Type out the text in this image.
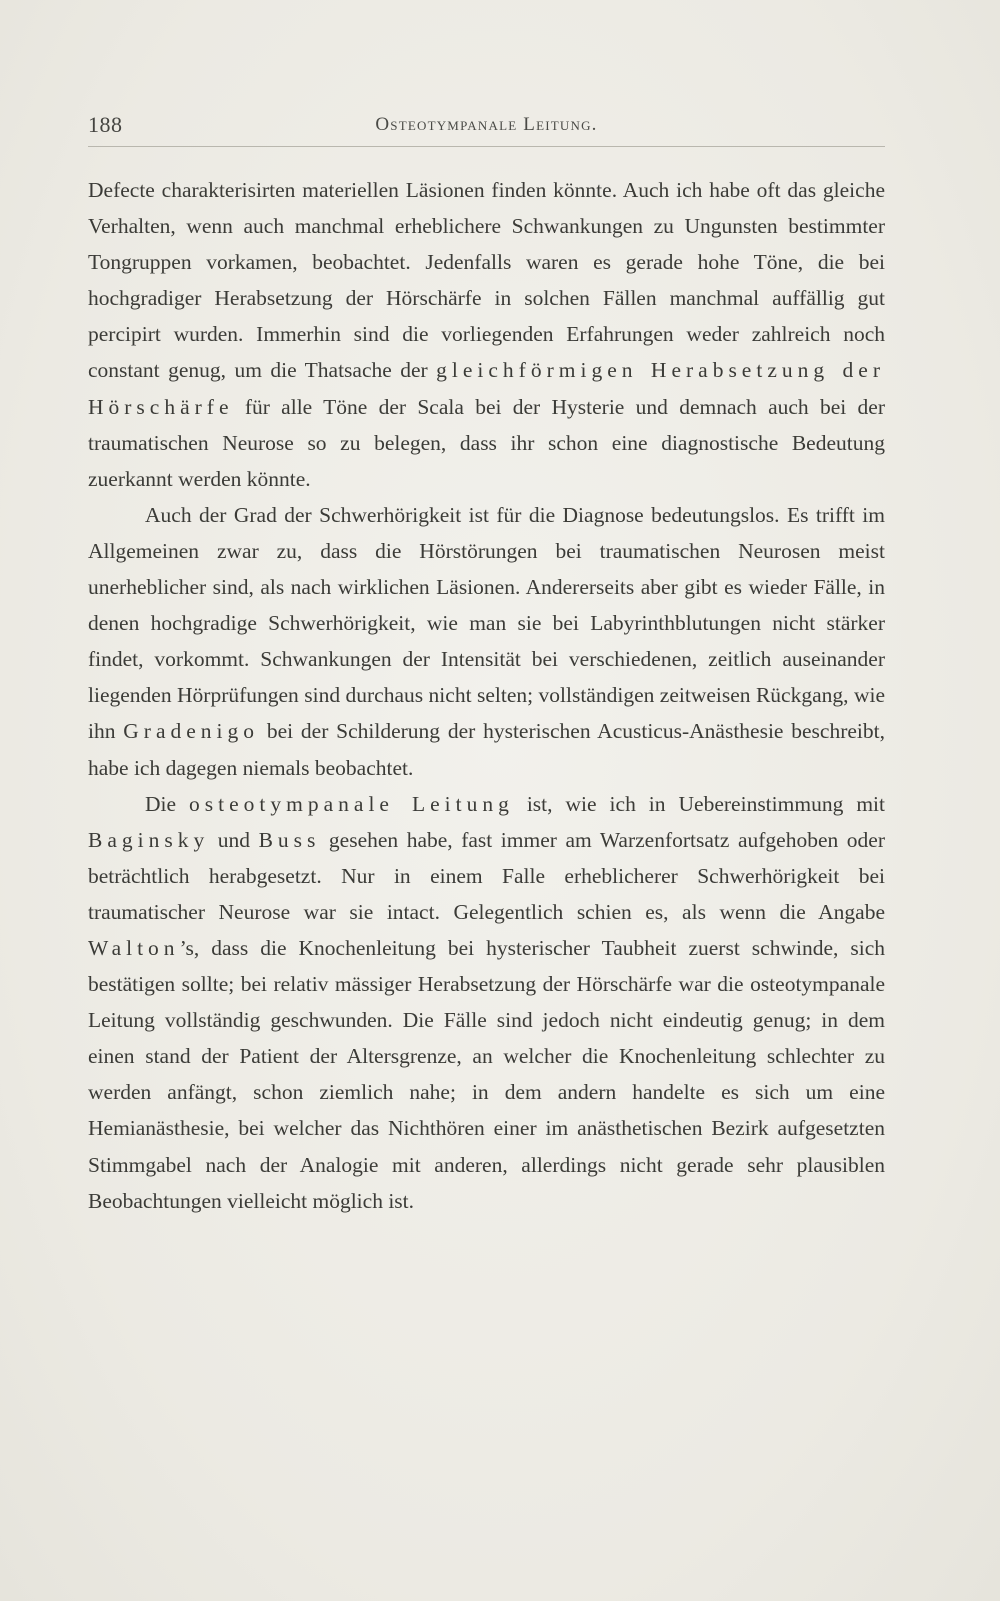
188	Osteotympanale Leitung.

Defecte charakterisirten materiellen Läsionen finden könnte. Auch ich habe oft das gleiche Verhalten, wenn auch manchmal erheblichere Schwankungen zu Ungunsten bestimmter Tongruppen vorkamen, beobachtet. Jedenfalls waren es gerade hohe Töne, die bei hochgradiger Herabsetzung der Hörschärfe in solchen Fällen manchmal auffällig gut percipirt wurden. Immerhin sind die vorliegenden Erfahrungen weder zahlreich noch constant genug, um die Thatsache der gleichförmigen Herabsetzung der Hörschärfe für alle Töne der Scala bei der Hysterie und demnach auch bei der traumatischen Neurose so zu belegen, dass ihr schon eine diagnostische Bedeutung zuerkannt werden könnte.

Auch der Grad der Schwerhörigkeit ist für die Diagnose bedeutungslos. Es trifft im Allgemeinen zwar zu, dass die Hörstörungen bei traumatischen Neurosen meist unerheblicher sind, als nach wirklichen Läsionen. Andererseits aber gibt es wieder Fälle, in denen hochgradige Schwerhörigkeit, wie man sie bei Labyrinthblutungen nicht stärker findet, vorkommt. Schwankungen der Intensität bei verschiedenen, zeitlich auseinander liegenden Hörprüfungen sind durchaus nicht selten; vollständigen zeitweisen Rückgang, wie ihn Gradenigo bei der Schilderung der hysterischen Acusticus-Anästhesie beschreibt, habe ich dagegen niemals beobachtet.

Die osteotympanale Leitung ist, wie ich in Uebereinstimmung mit Baginsky und Buss gesehen habe, fast immer am Warzenfortsatz aufgehoben oder beträchtlich herabgesetzt. Nur in einem Falle erheblicherer Schwerhörigkeit bei traumatischer Neurose war sie intact. Gelegentlich schien es, als wenn die Angabe Walton’s, dass die Knochenleitung bei hysterischer Taubheit zuerst schwinde, sich bestätigen sollte; bei relativ mässiger Herabsetzung der Hörschärfe war die osteotympanale Leitung vollständig geschwunden. Die Fälle sind jedoch nicht eindeutig genug; in dem einen stand der Patient der Altersgrenze, an welcher die Knochenleitung schlechter zu werden anfängt, schon ziemlich nahe; in dem andern handelte es sich um eine Hemianästhesie, bei welcher das Nichthören einer im anästhetischen Bezirk aufgesetzten Stimmgabel nach der Analogie mit anderen, allerdings nicht gerade sehr plausiblen Beobachtungen vielleicht möglich ist.
